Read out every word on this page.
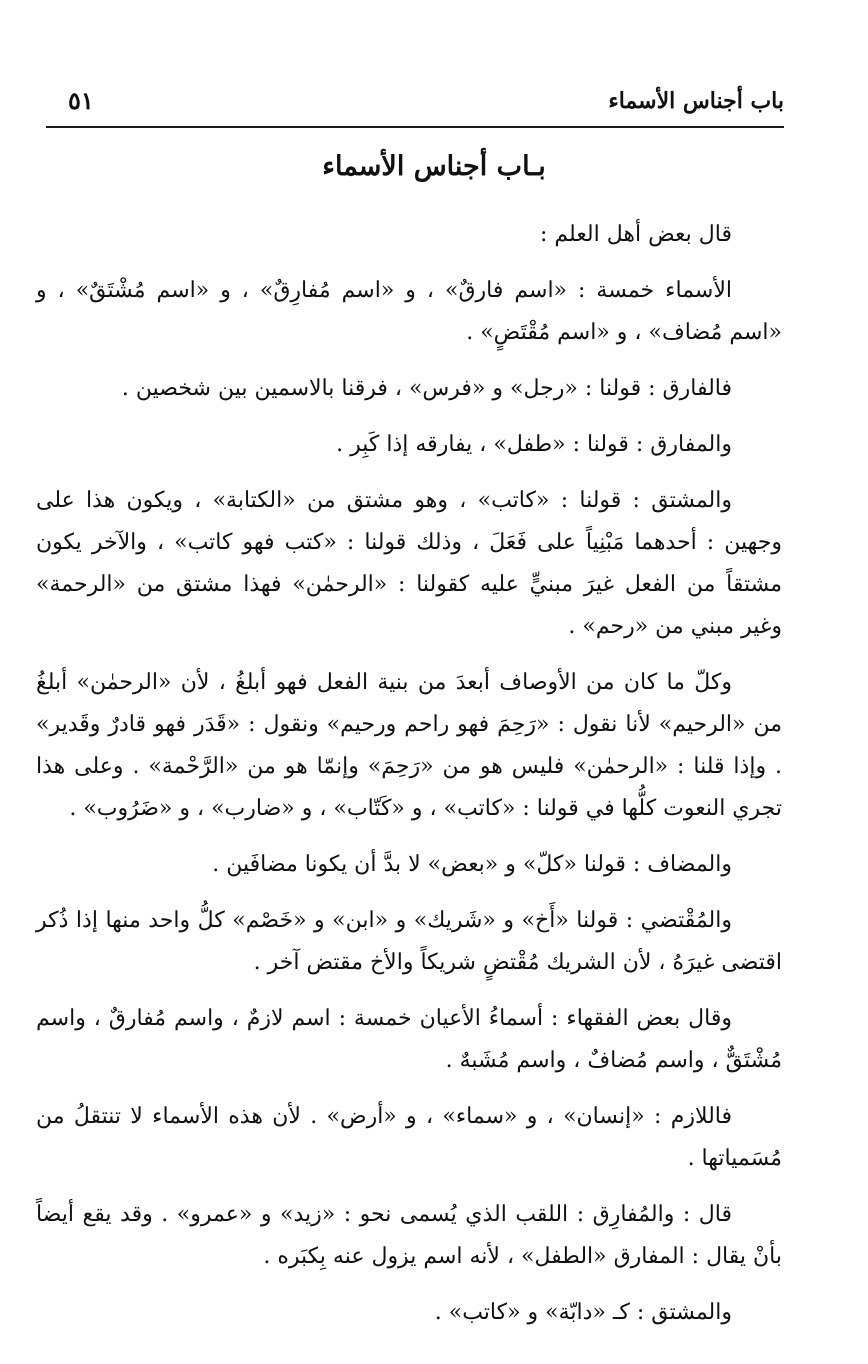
باب أجناس الأسماء
٥١
بـاب أجناس الأسماء

قال بعض أهل العلم :

الأسماء خمسة : «اسم فارقٌ» ، و «اسم مُفارِقٌ» ، و «اسم مُشْتَقٌ» ، و «اسم مُضاف» ، و «اسم مُقْتَضٍ» .

فالفارق : قولنا : «رجل» و «فرس» ، فرقنا بالاسمين بين شخصين .

والمفارق : قولنا : «طفل» ، يفارقه إذا كَبِر .

والمشتق : قولنا : «كاتب» ، وهو مشتق من «الكتابة» ، ويكون هذا على وجهين : أحدهما مَبْنِياً على فَعَلَ ، وذلك قولنا : «كتب فهو كاتب» ، والآخر يكون مشتقاً من الفعل غيرَ مبنيٍّ عليه كقولنا : «الرحمٰن» فهذا مشتق من «الرحمة» وغير مبني من «رحم» .

وكلّ ما كان من الأوصاف أبعدَ من بنية الفعل فهو أبلغُ ، لأن «الرحمٰن» أبلغُ من «الرحيم» لأنا نقول : «رَحِمَ فهو راحم ورحيم» ونقول : «قَدَر فهو قادرٌ وقَدير» . وإذا قلنا : «الرحمٰن» فليس هو من «رَحِمَ» وإنمّا هو من «الرَّحْمة» . وعلى هذا تجري النعوت كلُّها في قولنا : «كاتب» ، و «كَتّاب» ، و «ضارب» ، و «ضَرُوب» .

والمضاف : قولنا «كلّ» و «بعض» لا بدَّ أن يكونا مضافَين .

والمُقْتضي : قولنا «أَخ» و «شَريك» و «ابن» و «خَصْم» كلُّ واحد منها إذا ذُكر اقتضى غيرَهُ ، لأن الشريك مُقْتضٍ شريكاً والأخ مقتض آخر .

وقال بعض الفقهاء : أسماءُ الأعيان خمسة : اسم لازمٌ ، واسم مُفارقٌ ، واسم مُشْتَقٌّ ، واسم مُضافٌ ، واسم مُشَبهٌ .

فاللازم : «إنسان» ، و «سماء» ، و «أرض» . لأن هذه الأسماء لا تنتقلُ من مُسَمياتها .

قال : والمُفارِق : اللقب الذي يُسمى نحو : «زيد» و «عمرو» . وقد يقع أيضاً بأنْ يقال : المفارق «الطفل» ، لأنه اسم يزول عنه بِكبَره .

والمشتق : كـ «دابّة» و «كاتب» .
